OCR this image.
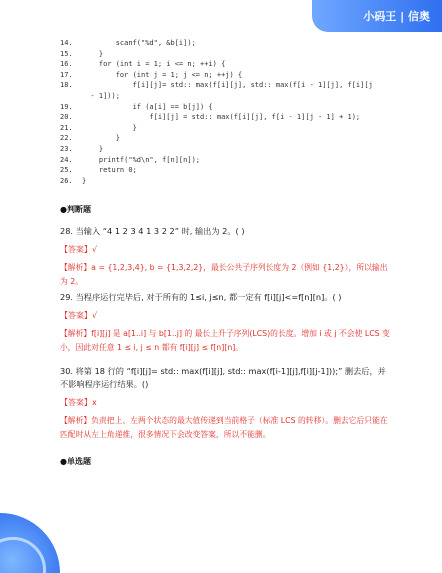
小码王 | 信奥
14.        scanf("%d", &b[i]);
15.    }
16.    for (int i = 1; i <= n; ++i) {
17.        for (int j = 1; j <= n; ++j) {
18.            f[i][j]= std:: max(f[i][j], std:: max(f[i - 1][j], f[i][j
- 1]));
19.            if (a[i] == b[j]) {
20.                f[i][j] = std:: max(f[i][j], f[i - 1][j - 1] + 1);
21.            }
22.        }
23.    }
24.    printf("%d\n", f[n][n]);
25.    return 0;
26. }
●判断题
28. 当输入 “4 1 2 3 4 1 3 2 2” 时, 输出为 2。( )
【答案】√
【解析】a = {1,2,3,4}, b = {1,3,2,2}，最长公共子序列长度为 2（例如 {1,2}），所以输出为 2。
29. 当程序运行完毕后, 对于所有的 1≤i, j≤n, 都一定有 f[i][j]<=f[n][n]。( )
【答案】√
【解析】f[i][j] 是 a[1..i] 与 b[1..j] 的 最长上升子序列(LCS)的长度。增加 i 或 j 不会使 LCS 变小，因此对任意 1 ≤ i, j ≤ n 都有 f[i][j] ≤ f[n][n]。
30. 将第 18 行的 “f[i][j]= std:: max(f[i][j], std:: max(f[i-1][j],f[i][j-1]));” 删去后，并不影响程序运行结果。()
【答案】x
【解析】负责把上、左两个状态的最大值传递到当前格子（标准 LCS 的转移）。删去它后只能在匹配时从左上角递推，很多情况下会改变答案，所以不能删。
●单选题
